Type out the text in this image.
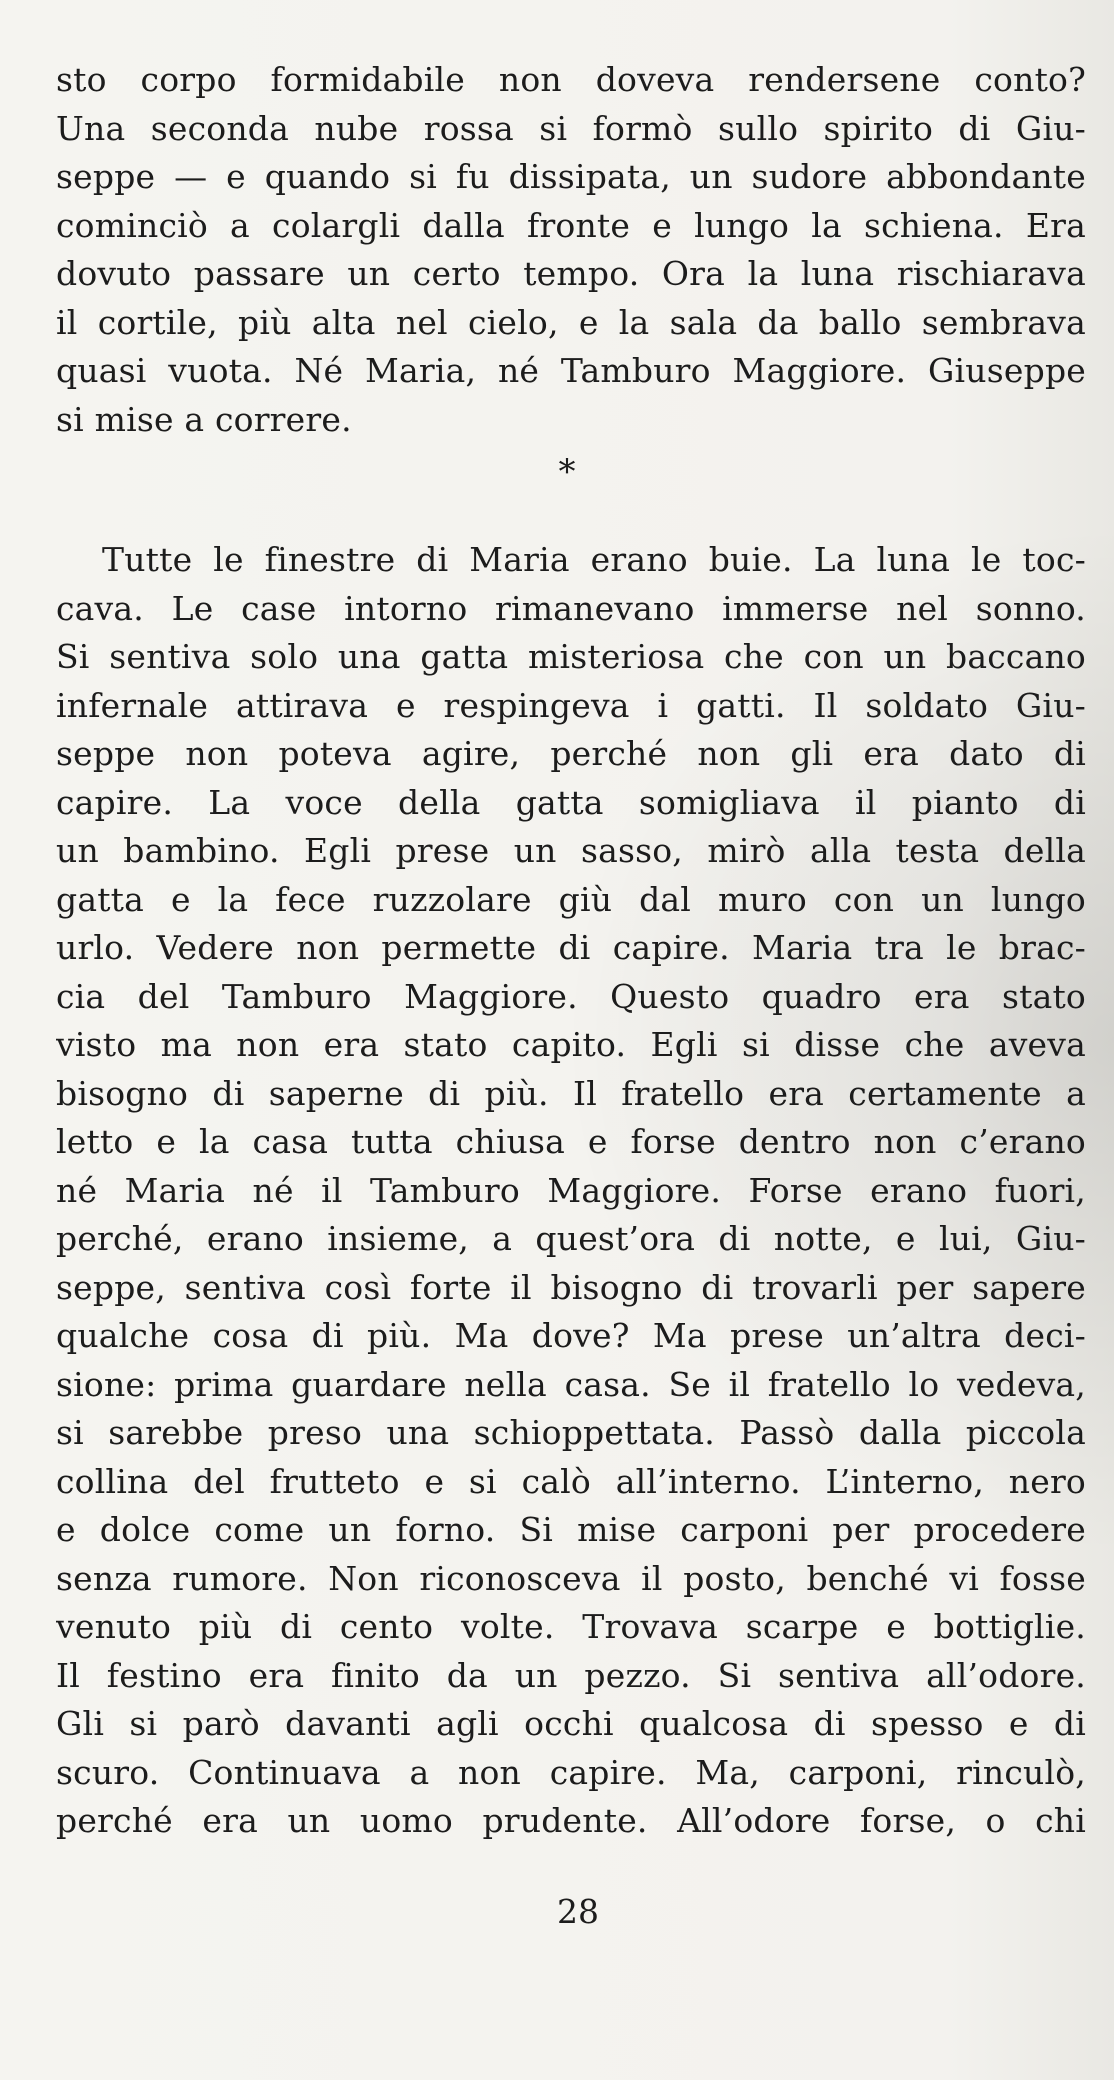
sto corpo formidabile non doveva rendersene conto?
Una seconda nube rossa si formò sullo spirito di Giu-
seppe — e quando si fu dissipata, un sudore abbondante
cominciò a colargli dalla fronte e lungo la schiena. Era
dovuto passare un certo tempo. Ora la luna rischiarava
il cortile, più alta nel cielo, e la sala da ballo sembrava
quasi vuota. Né Maria, né Tamburo Maggiore. Giuseppe
si mise a correre.
*
Tutte le finestre di Maria erano buie. La luna le toc-
cava. Le case intorno rimanevano immerse nel sonno.
Si sentiva solo una gatta misteriosa che con un baccano
infernale attirava e respingeva i gatti. Il soldato Giu-
seppe non poteva agire, perché non gli era dato di
capire. La voce della gatta somigliava il pianto di
un bambino. Egli prese un sasso, mirò alla testa della
gatta e la fece ruzzolare giù dal muro con un lungo
urlo. Vedere non permette di capire. Maria tra le brac-
cia del Tamburo Maggiore. Questo quadro era stato
visto ma non era stato capito. Egli si disse che aveva
bisogno di saperne di più. Il fratello era certamente a
letto e la casa tutta chiusa e forse dentro non c’erano
né Maria né il Tamburo Maggiore. Forse erano fuori,
perché, erano insieme, a quest’ora di notte, e lui, Giu-
seppe, sentiva così forte il bisogno di trovarli per sapere
qualche cosa di più. Ma dove? Ma prese un’altra deci-
sione: prima guardare nella casa. Se il fratello lo vedeva,
si sarebbe preso una schioppettata. Passò dalla piccola
collina del frutteto e si calò all’interno. L’interno, nero
e dolce come un forno. Si mise carponi per procedere
senza rumore. Non riconosceva il posto, benché vi fosse
venuto più di cento volte. Trovava scarpe e bottiglie.
Il festino era finito da un pezzo. Si sentiva all’odore.
Gli si parò davanti agli occhi qualcosa di spesso e di
scuro. Continuava a non capire. Ma, carponi, rinculò,
perché era un uomo prudente. All’odore forse, o chi
28
